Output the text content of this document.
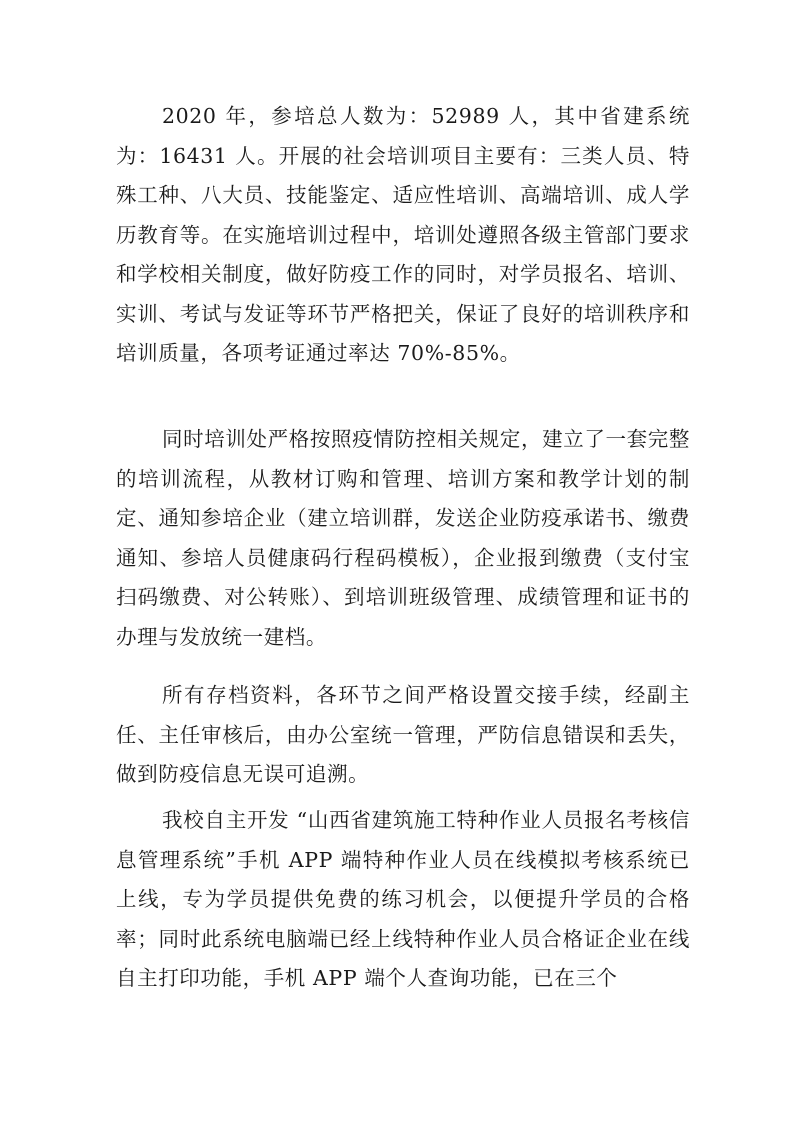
2020 年，参培总人数为：52989 人，其中省建系统为：16431 人。开展的社会培训项目主要有：三类人员、特殊工种、八大员、技能鉴定、适应性培训、高端培训、成人学历教育等。在实施培训过程中，培训处遵照各级主管部门要求和学校相关制度，做好防疫工作的同时，对学员报名、培训、实训、考试与发证等环节严格把关，保证了良好的培训秩序和培训质量，各项考证通过率达 70%-85%。

同时培训处严格按照疫情防控相关规定，建立了一套完整的培训流程，从教材订购和管理、培训方案和教学计划的制定、通知参培企业（建立培训群，发送企业防疫承诺书、缴费通知、参培人员健康码行程码模板），企业报到缴费（支付宝扫码缴费、对公转账）、到培训班级管理、成绩管理和证书的办理与发放统一建档。

所有存档资料，各环节之间严格设置交接手续，经副主任、主任审核后，由办公室统一管理，严防信息错误和丢失，做到防疫信息无误可追溯。

我校自主开发 “山西省建筑施工特种作业人员报名考核信息管理系统”手机 APP 端特种作业人员在线模拟考核系统已上线，专为学员提供免费的练习机会，以便提升学员的合格率；同时此系统电脑端已经上线特种作业人员合格证企业在线自主打印功能，手机 APP 端个人查询功能，已在三个
